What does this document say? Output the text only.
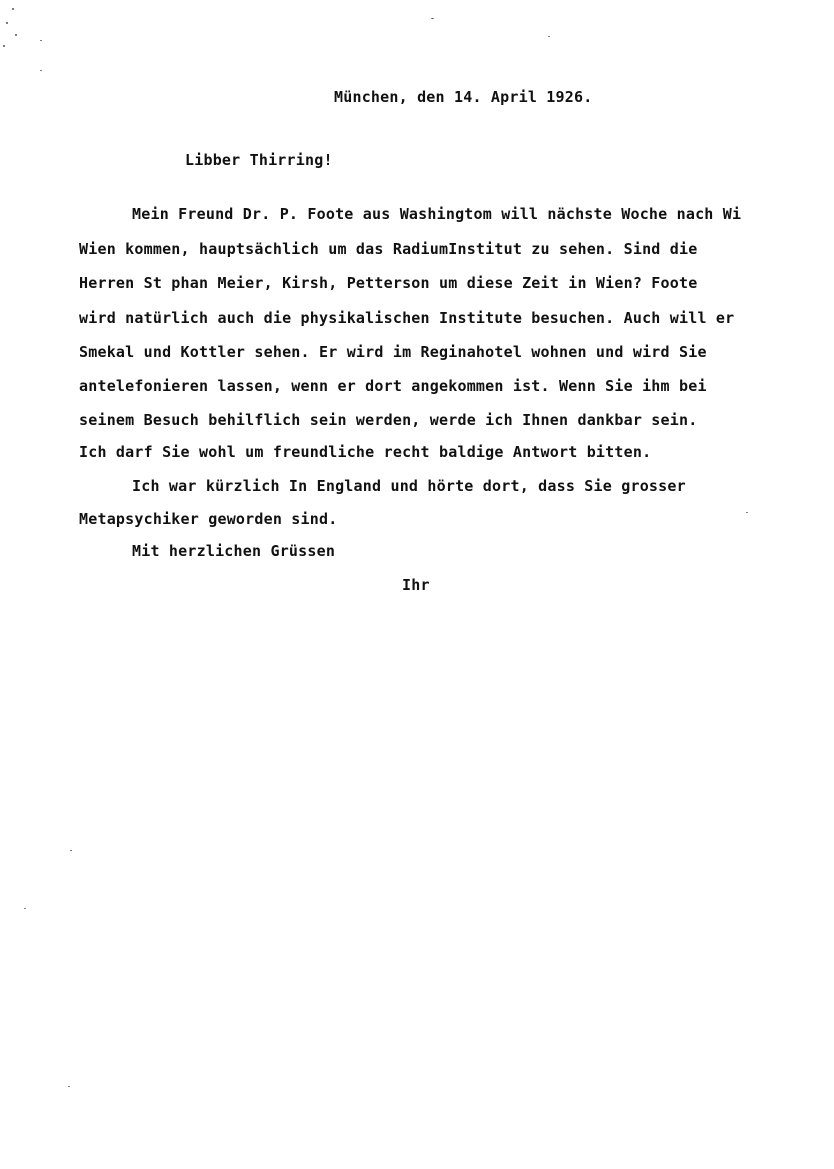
München, den 14. April 1926.
Libber Thirring!
Mein Freund Dr. P. Foote aus Washingtom will nächste Woche nach Wi
Wien kommen, hauptsächlich um das RadiumInstitut zu sehen. Sind die
Herren St phan Meier, Kirsh, Petterson um diese Zeit in Wien? Foote
wird natürlich auch die physikalischen Institute besuchen. Auch will er
Smekal und Kottler sehen. Er wird im Reginahotel wohnen und wird Sie
antelefonieren lassen, wenn er dort angekommen ist. Wenn Sie ihm bei
seinem Besuch behilflich sein werden, werde ich Ihnen dankbar sein.
Ich darf Sie wohl um freundliche recht baldige Antwort bitten.
Ich war kürzlich In England und hörte dort, dass Sie grosser
Metapsychiker geworden sind.
Mit herzlichen Grüssen
Ihr
